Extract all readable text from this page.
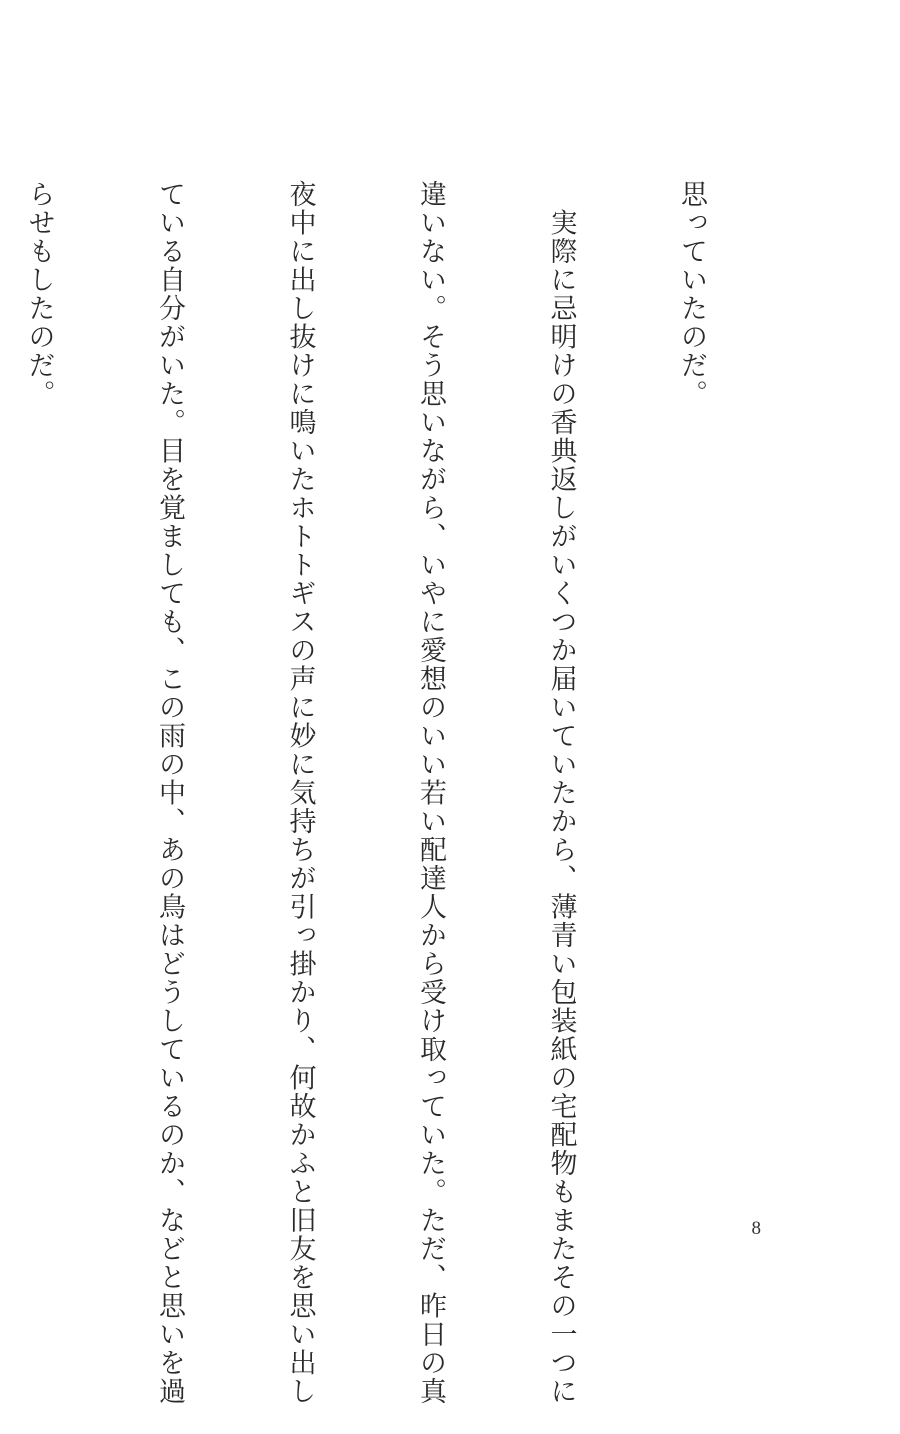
思っていたのだ。

　実際に忌明けの香典返しがいくつか届いていたから、薄青い包装紙の宅配物もまたその一つに

違いない。そう思いながら、いやに愛想のいい若い配達人から受け取っていた。ただ、昨日の真

夜中に出し抜けに鳴いたホトトギスの声に妙に気持ちが引っ掛かり、何故かふと旧友を思い出し

ている自分がいた。目を覚ましても、この雨の中、あの鳥はどうしているのか、などと思いを過

らせもしたのだ。

8
